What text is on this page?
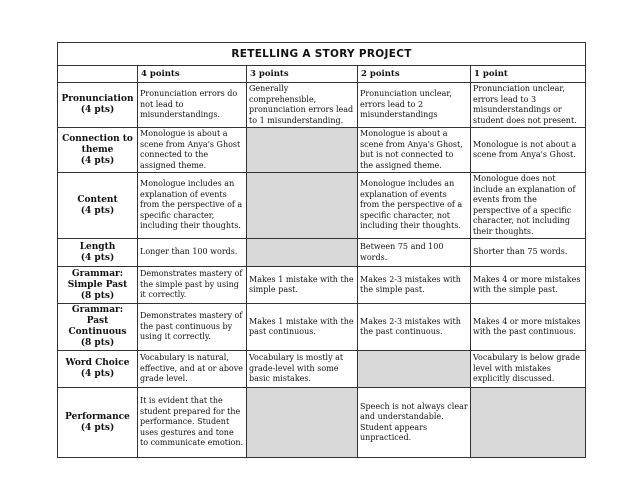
RETELLING A STORY PROJECT				
	4 points	3 points	2 points	1 point

Pronunciation
(4 pts)	Pronunciation errors do not lead to misunderstandings.	Generally comprehensible, pronunciation errors lead to 1 misunderstanding.	Pronunciation unclear, errors lead to 2 misunderstandings	Pronunciation unclear, errors lead to 3 misunderstandings or student does not present.

Connection to theme
(4 pts)	Monologue is about a scene from Anya's Ghost connected to the assigned theme.		Monologue is about a scene from Anya's Ghost, but is not connected to the assigned theme.	Monologue is not about a scene from Anya's Ghost.

Content
(4 pts)	Monologue includes an explanation of events from the perspective of a specific character, including their thoughts.		Monologue includes an explanation of events from the perspective of a specific character, not including their thoughts.	Monologue does not include an explanation of events from the perspective of a specific character, not including their thoughts.

Length
(4 pts)	Longer than 100 words.		Between 75 and 100 words.	Shorter than 75 words.

Grammar: Simple Past
(8 pts)	Demonstrates mastery of the simple past by using it correctly.	Makes 1 mistake with the simple past.	Makes 2-3 mistakes with the simple past.	Makes 4 or more mistakes with the simple past.

Grammar: Past Continuous
(8 pts)	Demonstrates mastery of the past continuous by using it correctly.	Makes 1 mistake with the past continuous.	Makes 2-3 mistakes with the past continuous.	Makes 4 or more mistakes with the past continuous.

Word Choice
(4 pts)	Vocabulary is natural, effective, and at or above grade level.	Vocabulary is mostly at grade-level with some basic mistakes.		Vocabulary is below grade level with mistakes explicitly discussed.

Performance
(4 pts)	It is evident that the student prepared for the performance. Student uses gestures and tone to communicate emotion.		Speech is not always clear and understandable. Student appears unpracticed.	
